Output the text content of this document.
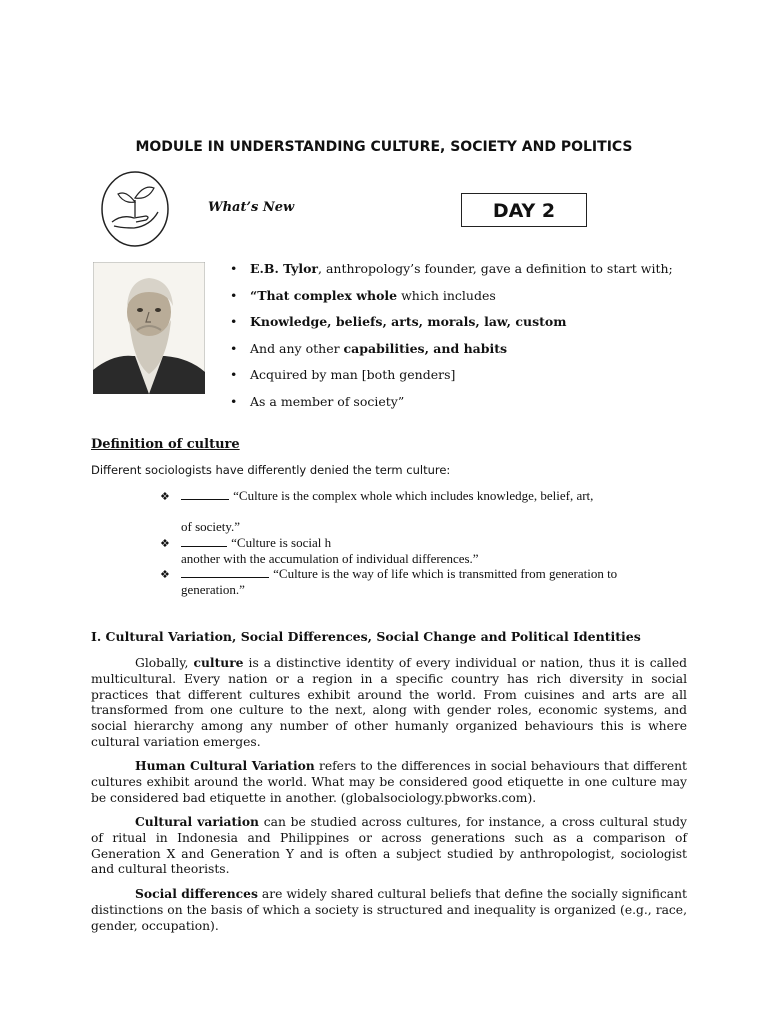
MODULE IN UNDERSTANDING CULTURE, SOCIETY AND POLITICS
What’s New	DAY 2
• E.B. Tylor, anthropology’s founder, gave a definition to start with;
• “That complex whole which includes
• Knowledge, beliefs, arts, morals, law, custom
• And any other capabilities, and habits
• Acquired by man [both genders]
• As a member of society”
Definition of culture
Different sociologists have differently denied the term culture:
❖	“Culture is the complex whole which includes knowledge, belief, art,
of society.”
❖	“Culture is social h
another with the accumulation of individual differences.”
❖	“Culture is the way of life which is transmitted from generation to
generation.”
I. Cultural Variation, Social Differences, Social Change and Political Identities
Globally, culture is a distinctive identity of every individual or nation, thus it is called multicultural. Every nation or a region in a specific country has rich diversity in social practices that different cultures exhibit around the world. From cuisines and arts are all transformed from one culture to the next, along with gender roles, economic systems, and social hierarchy among any number of other humanly organized behaviours this is where cultural variation emerges.
Human Cultural Variation refers to the differences in social behaviours that different cultures exhibit around the world. What may be considered good etiquette in one culture may be considered bad etiquette in another. (globalsociology.pbworks.com).
Cultural variation can be studied across cultures, for instance, a cross cultural study of ritual in Indonesia and Philippines or across generations such as a comparison of Generation X and Generation Y and is often a subject studied by anthropologist, sociologist and cultural theorists.
Social differences are widely shared cultural beliefs that define the socially significant distinctions on the basis of which a society is structured and inequality is organized (e.g., race, gender, occupation).
